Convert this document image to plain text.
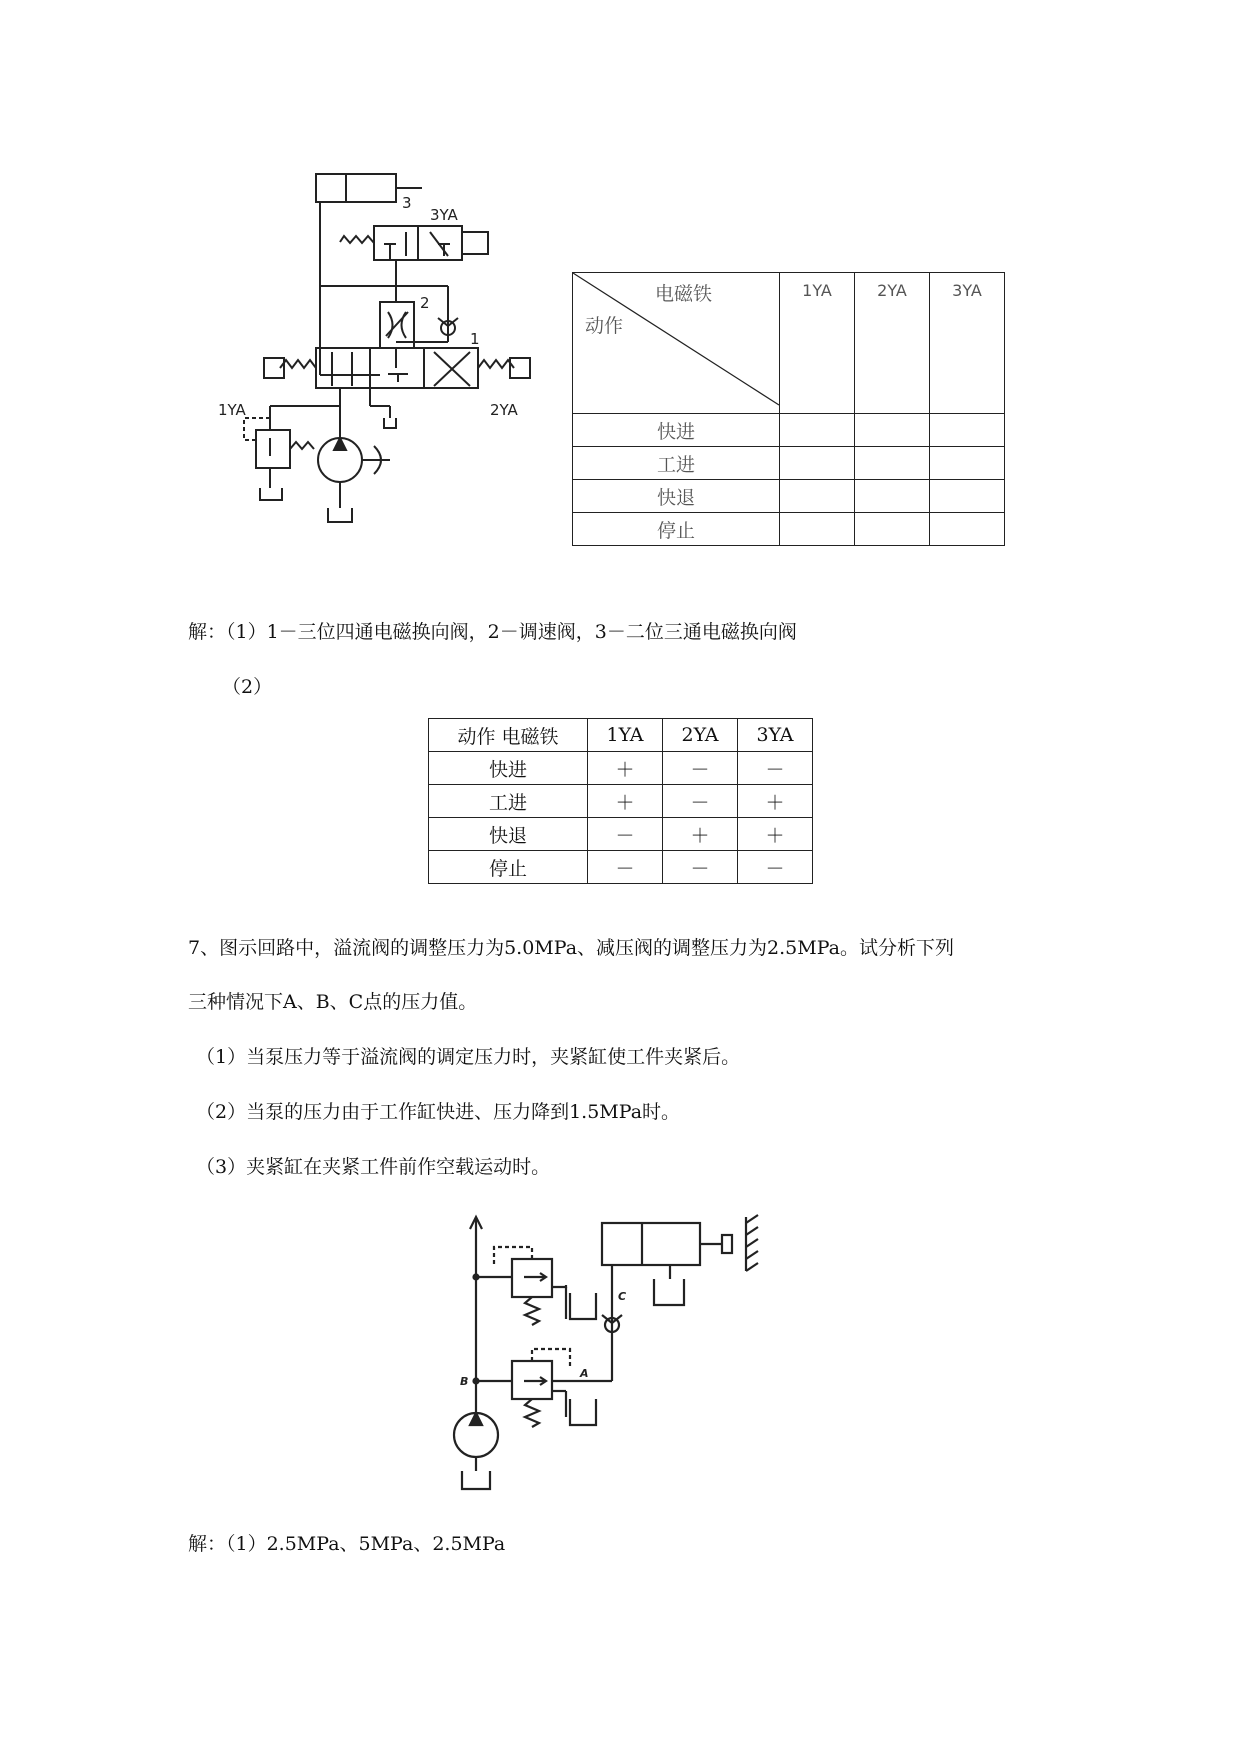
3
3YA
2
1
1YA	2YA
电磁铁
动作	1YA	2YA	3YA
快进			
工进			
快退			
停止			
解：（1）1－三位四通电磁换向阀，2－调速阀，3－二位三通电磁换向阀
（2）
动作 电磁铁	1YA	2YA	3YA
快进	＋	－	－
工进	＋	－	＋
快退	－	＋	＋
停止	－	－	－
7、图示回路中，溢流阀的调整压力为5.0MPa、减压阀的调整压力为2.5MPa。试分析下列
三种情况下A、B、C点的压力值。
（1）当泵压力等于溢流阀的调定压力时，夹紧缸使工件夹紧后。
（2）当泵的压力由于工作缸快进、压力降到1.5MPa时。
（3）夹紧缸在夹紧工件前作空载运动时。
C
A
B
解：（1）2.5MPa、5MPa、2.5MPa
